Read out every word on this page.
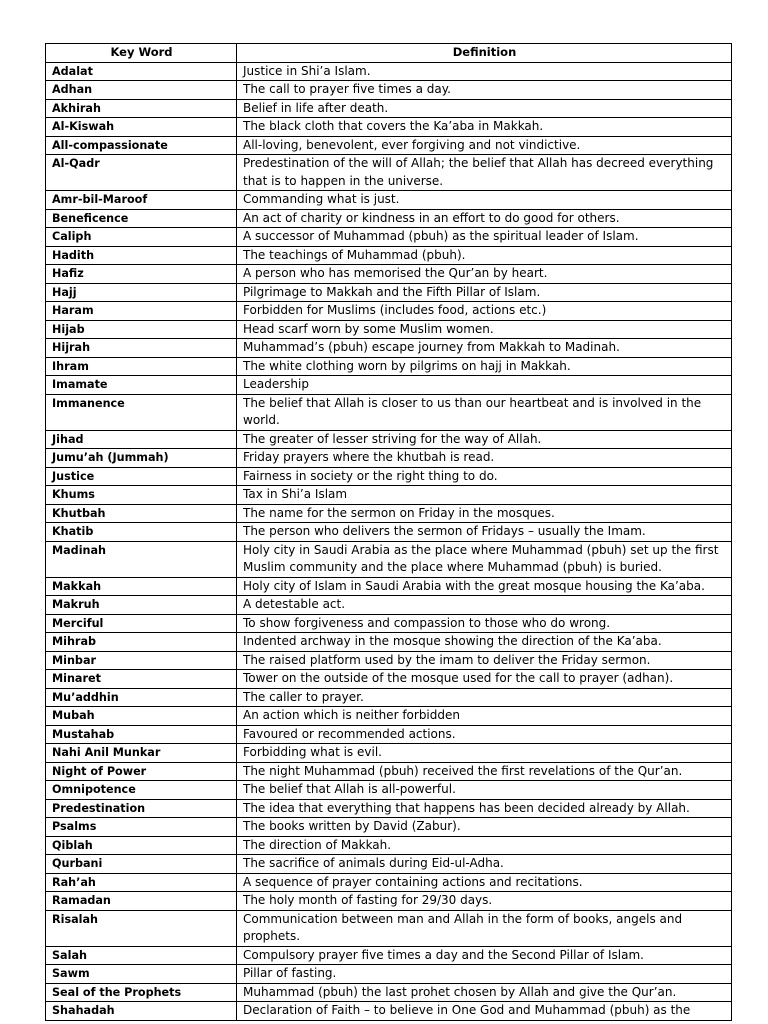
Key Word	Definition
Adalat	Justice in Shi’a Islam.
Adhan	The call to prayer five times a day.
Akhirah	Belief in life after death.
Al-Kiswah	The black cloth that covers the Ka’aba in Makkah.
All-compassionate	All-loving, benevolent, ever forgiving and not vindictive.
Al-Qadr	Predestination of the will of Allah; the belief that Allah has decreed everything that is to happen in the universe.
Amr-bil-Maroof	Commanding what is just.
Beneficence	An act of charity or kindness in an effort to do good for others.
Caliph	A successor of Muhammad (pbuh) as the spiritual leader of Islam.
Hadith	The teachings of Muhammad (pbuh).
Hafiz	A person who has memorised the Qur’an by heart.
Hajj	Pilgrimage to Makkah and the Fifth Pillar of Islam.
Haram	Forbidden for Muslims (includes food, actions etc.)
Hijab	Head scarf worn by some Muslim women.
Hijrah	Muhammad’s (pbuh) escape journey from Makkah to Madinah.
Ihram	The white clothing worn by pilgrims on hajj in Makkah.
Imamate	Leadership
Immanence	The belief that Allah is closer to us than our heartbeat and is involved in the world.
Jihad	The greater of lesser striving for the way of Allah.
Jumu’ah (Jummah)	Friday prayers where the khutbah is read.
Justice	Fairness in society or the right thing to do.
Khums	Tax in Shi’a Islam
Khutbah	The name for the sermon on Friday in the mosques.
Khatib	The person who delivers the sermon of Fridays – usually the Imam.
Madinah	Holy city in Saudi Arabia as the place where Muhammad (pbuh) set up the first Muslim community and the place where Muhammad (pbuh) is buried.
Makkah	Holy city of Islam in Saudi Arabia with the great mosque housing the Ka’aba.
Makruh	A detestable act.
Merciful	To show forgiveness and compassion to those who do wrong.
Mihrab	Indented archway in the mosque showing the direction of the Ka’aba.
Minbar	The raised platform used by the imam to deliver the Friday sermon.
Minaret	Tower on the outside of the mosque used for the call to prayer (adhan).
Mu’addhin	The caller to prayer.
Mubah	An action which is neither forbidden
Mustahab	Favoured or recommended actions.
Nahi Anil Munkar	Forbidding what is evil.
Night of Power	The night Muhammad (pbuh) received the first revelations of the Qur’an.
Omnipotence	The belief that Allah is all-powerful.
Predestination	The idea that everything that happens has been decided already by Allah.
Psalms	The books written by David (Zabur).
Qiblah	The direction of Makkah.
Qurbani	The sacrifice of animals during Eid-ul-Adha.
Rah’ah	A sequence of prayer containing actions and recitations.
Ramadan	The holy month of fasting for 29/30 days.
Risalah	Communication between man and Allah in the form of books, angels and prophets.
Salah	Compulsory prayer five times a day and the Second Pillar of Islam.
Sawm	Pillar of fasting.
Seal of the Prophets	Muhammad (pbuh) the last prohet chosen by Allah and give the Qur’an.
Shahadah	Declaration of Faith – to believe in One God and Muhammad (pbuh) as the
